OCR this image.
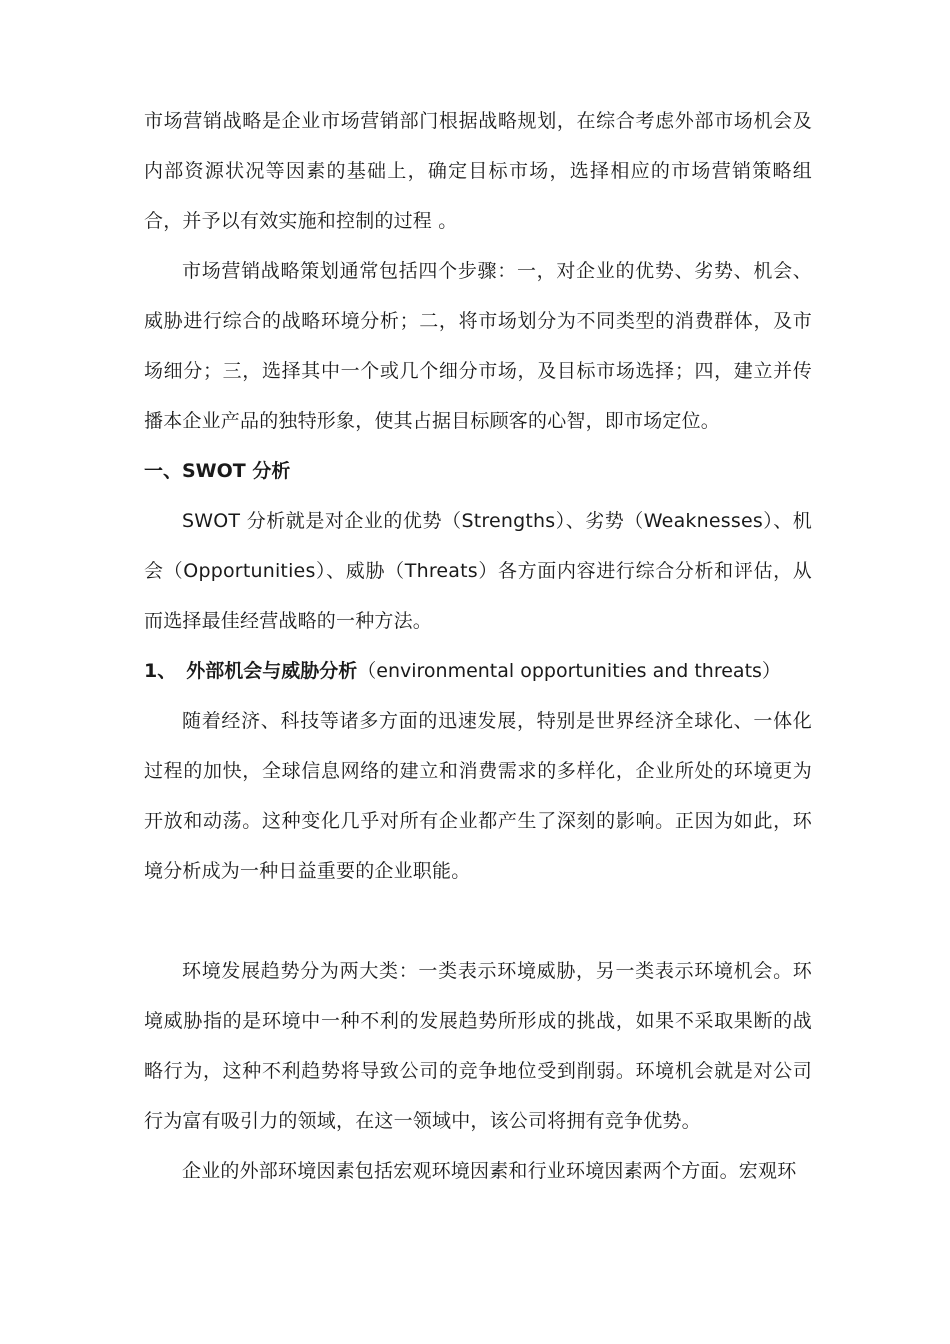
市场营销战略是企业市场营销部门根据战略规划，在综合考虑外部市场机会及内部资源状况等因素的基础上，确定目标市场，选择相应的市场营销策略组合，并予以有效实施和控制的过程 。

市场营销战略策划通常包括四个步骤：一，对企业的优势、劣势、机会、威胁进行综合的战略环境分析；二，将市场划分为不同类型的消费群体，及市场细分；三，选择其中一个或几个细分市场，及目标市场选择；四，建立并传播本企业产品的独特形象，使其占据目标顾客的心智，即市场定位。

一、SWOT 分析

SWOT 分析就是对企业的优势（Strengths）、劣势（Weaknesses）、机会（Opportunities）、威胁（Threats）各方面内容进行综合分析和评估，从而选择最佳经营战略的一种方法。

1、 外部机会与威胁分析（environmental opportunities and threats）

随着经济、科技等诸多方面的迅速发展，特别是世界经济全球化、一体化过程的加快，全球信息网络的建立和消费需求的多样化，企业所处的环境更为开放和动荡。这种变化几乎对所有企业都产生了深刻的影响。正因为如此，环境分析成为一种日益重要的企业职能。

环境发展趋势分为两大类：一类表示环境威胁，另一类表示环境机会。环境威胁指的是环境中一种不利的发展趋势所形成的挑战，如果不采取果断的战略行为，这种不利趋势将导致公司的竞争地位受到削弱。环境机会就是对公司行为富有吸引力的领域，在这一领域中，该公司将拥有竞争优势。

企业的外部环境因素包括宏观环境因素和行业环境因素两个方面。宏观环
